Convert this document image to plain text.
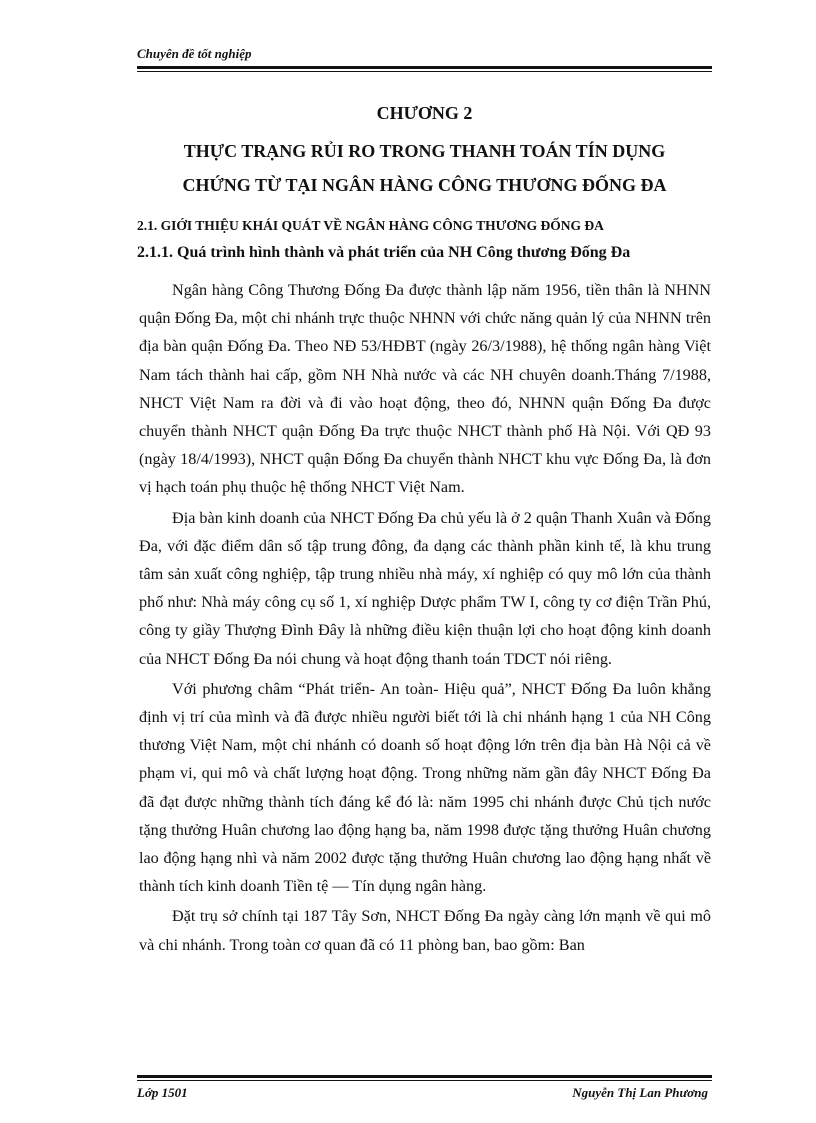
Chuyên đề tốt nghiệp
CHƯƠNG 2
THỰC TRẠNG RỦI RO TRONG THANH TOÁN TÍN DỤNG
CHỨNG TỪ TẠI NGÂN HÀNG CÔNG THƯƠNG ĐỐNG ĐA
2.1. GIỚI THIỆU KHÁI QUÁT VỀ NGÂN HÀNG CÔNG THƯƠNG ĐỐNG ĐA
2.1.1. Quá trình hình thành và phát triển của NH Công thương Đống Đa

Ngân hàng Công Thương Đống Đa được thành lập năm 1956, tiền thân là NHNN quận Đống Đa, một chi nhánh trực thuộc NHNN với chức năng quản lý của NHNN trên địa bàn quận Đống Đa. Theo NĐ 53/HĐBT (ngày 26/3/1988), hệ thống ngân hàng Việt Nam tách thành hai cấp, gồm NH Nhà nước và các NH chuyên doanh.Tháng 7/1988, NHCT Việt Nam ra đời và đi vào hoạt động, theo đó, NHNN quận Đống Đa được chuyển thành NHCT quận Đống Đa trực thuộc NHCT thành phố Hà Nội. Với QĐ 93 (ngày 18/4/1993), NHCT quận Đống Đa chuyển thành NHCT khu vực Đống Đa, là đơn vị hạch toán phụ thuộc hệ thống NHCT Việt Nam.

Địa bàn kinh doanh của NHCT Đống Đa chủ yếu là ở 2 quận Thanh Xuân và Đống Đa, với đặc điểm dân số tập trung đông, đa dạng các thành phần kinh tế, là khu trung tâm sản xuất công nghiệp, tập trung nhiều nhà máy, xí nghiệp có quy mô lớn của thành phố như: Nhà máy công cụ số 1, xí nghiệp Dược phẩm TW I, công ty cơ điện Trần Phú, công ty giầy Thượng Đình Đây là những điều kiện thuận lợi cho hoạt động kinh doanh của NHCT Đống Đa nói chung và hoạt động thanh toán TDCT nói riêng.

Với phương châm “Phát triển- An toàn- Hiệu quả”, NHCT Đống Đa luôn khẳng định vị trí của mình và đã được nhiều người biết tới là chi nhánh hạng 1 của NH Công thương Việt Nam, một chi nhánh có doanh số hoạt động lớn trên địa bàn Hà Nội cả về phạm vi, qui mô và chất lượng hoạt động. Trong những năm gần đây NHCT Đống Đa đã đạt được những thành tích đáng kể đó là: năm 1995 chi nhánh được Chủ tịch nước tặng thưởng Huân chương lao động hạng ba, năm 1998 được tặng thưởng Huân chương lao động hạng nhì và năm 2002 được tặng thưởng Huân chương lao động hạng nhất về thành tích kinh doanh Tiền tệ — Tín dụng ngân hàng.

Đặt trụ sở chính tại 187 Tây Sơn, NHCT Đống Đa ngày càng lớn mạnh về qui mô và chi nhánh. Trong toàn cơ quan đã có 11 phòng ban, bao gồm: Ban

Lớp 1501	Nguyễn Thị Lan Phương
